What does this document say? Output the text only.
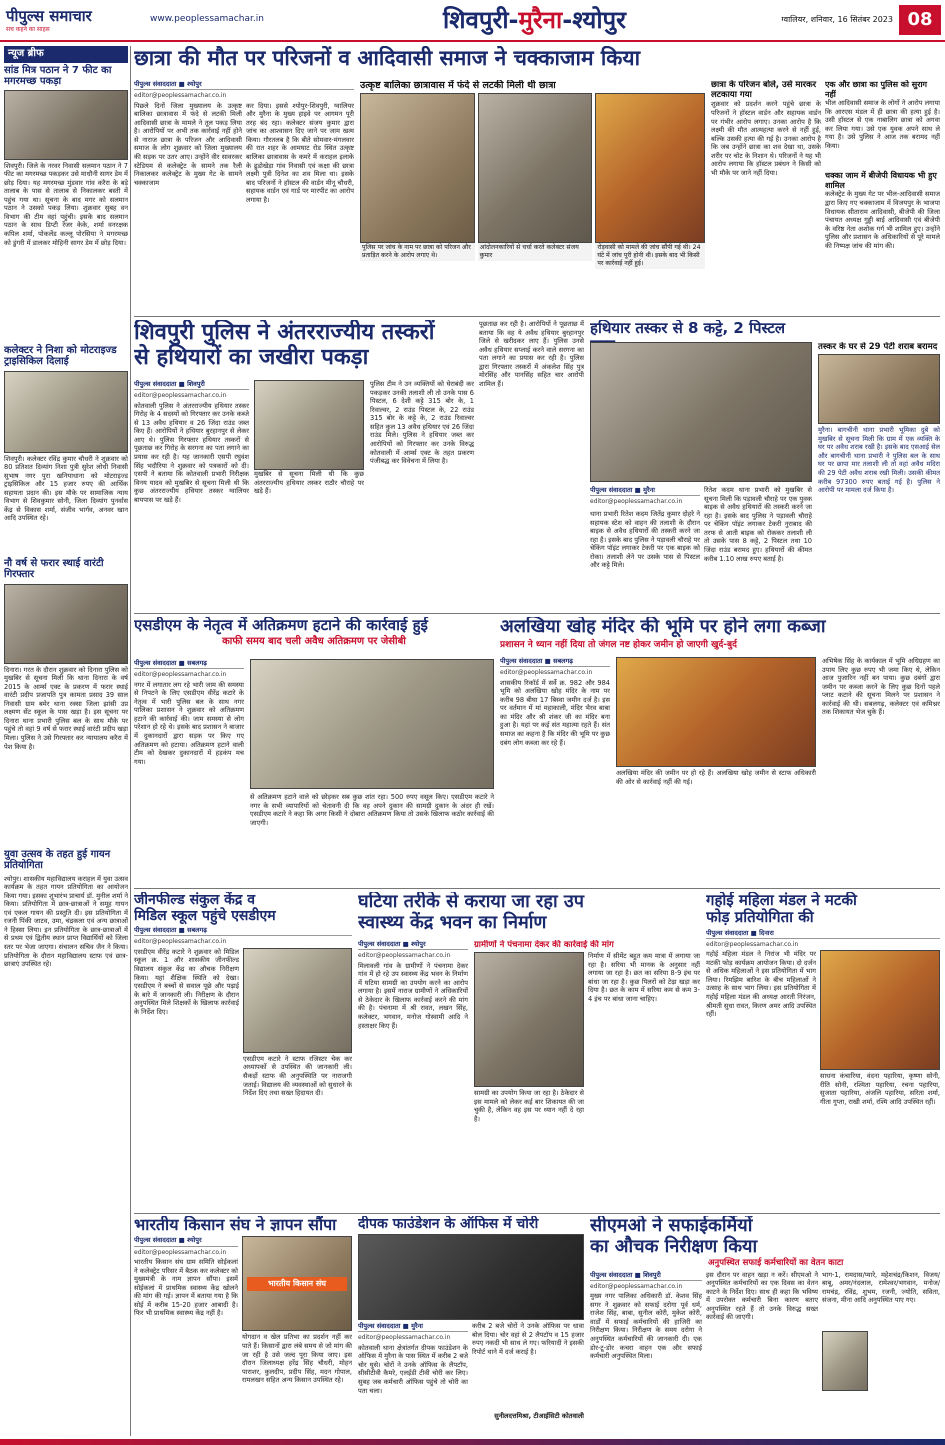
पीपुल्स समाचार
सच कहने का साहस
www.peoplessamachar.in	शिवपुरी-मुरैना-श्योपुर	ग्वालियर, शनिवार, 16 सितंबर 2023 08
न्यूज ब्रीफ
सांड मित्र पठान ने 7 फीट का मगरमच्छ पकड़ा
शिवपुरी। जिले के नरवर निवासी सलमान पठान ने 7 फीट का मगरमच्छ पकड़कर उसे माधौनी सागर डेम में छोड़ दिया। यह मगरमच्छ मुंडवार गांव करैरा के बड़े तालाब के पास से तालाब से निकालकर बस्ती में पहुंच गया था। सूचना के बाद मगर को सलमान पठान ने उसको पकड़ लिया। शुक्रवार सुबह वन विभाग की टीम वहां पहुंची। इसके बाद सलमान पठान के साथ डिप्टी रेंजर केके, शर्मा वनरक्षक कपिल शर्मा, पोकलेंड कल्लू पोरसिया ने मगरमच्छ को डुंगरी में डालकर मोहिनी सागर डेम में छोड़ दिया।
कलेक्टर ने निशा को मोटराइज्ड ट्राइसिकिल दिलाई
शिवपुरी। कलेक्टर रविंद्र कुमार चौधरी ने शुक्रवार को 80 प्रतिशत दिव्यांग निशा पुत्री सुरेश लोधी निवासी सुभाष नगर पुरा खनियाधाना को मोटराइज्ड ट्राइसिकिल और 15 हजार रुपए की आर्थिक सहायता प्रदान की। इस मौके पर सामाजिक न्याय विभाग से शिवकुमार सोनी, जिला दिव्यांग पुनर्वास केंद्र से विकास शर्मा, संजीव भार्गव, अनवर खान आदि उपस्थित रहे।
नौ वर्ष से फरार स्थाई वारंटी गिरफ्तार
दिनारा। गरत के दौरान शुक्रवार को दिनारा पुलिस को मुखबिर से सूचना मिली कि थाना दिनारा के वर्ष 2015 के आर्म्स एक्ट के प्रकरण में फरार स्थाई वारंटी प्रदीप प्रजापति पुत्र कामता प्रसाद 39 साल निवासी ग्राम बमेर थाना रक्सा जिला झांसी उप्र लक्ष्मण सेंट स्कूल के पास खड़ा है। इस सूचना पर दिनारा थाना प्रभारी पुलिस बल के साथ मौके पर पहुंचे तो वहां 9 वर्ष से फरार स्थाई वारंटी प्रदीप खड़ा मिला। पुलिस ने उसे गिरफ्तार कर न्यायालय करैरा में पेश किया है।
युवा उत्सव के तहत हुई गायन प्रतियोगिता
श्योपुर। शासकीय महाविद्यालय कराहल में युवा उत्सव कार्यक्रम के तहत गायन प्रतियोगिता का आयोजन किया गया। इसका शुभारंभ प्राचार्य डॉ. मुनील शर्मा ने किया। प्रतियोगिता में छात्र-छात्राओं ने समूह गायन एवं एकल गायन की प्रस्तुति दी। इस प्रतियोगिता में रजनी पिंकी जाटव, उमा, चंद्रकला एवं अन्य छात्राओं ने हिस्सा लिया। इन प्रतियोगिता के छात्र-छात्राओं में से प्रथम एवं द्वितीय स्थान प्राप्त विद्यार्थियों को जिला स्तर पर भेजा जाएगा। संचालन सचिव जैन ने किया। प्रतियोगिता के दौरान महाविद्यालय स्टाफ एवं छात्र-छात्राएं उपस्थित रहे।
छात्रा की मौत पर परिजनों व आदिवासी समाज ने चक्काजाम किया
पीपुल्स संवाददाता ■ श्योपुर
editor@peoplessamachar.co.in
पिछले दिनों जिला मुख्यालय के उत्कृष्ट बालिका छात्रावास में फंदे से लटकी मिली आदिवासी छात्रा के मामले ने तूल पकड़ लिया है। आरोपियों पर अभी तक कार्रवाई नहीं होने से नाराज छात्रा के परिजन और आदिवासी समाज के लोग शुक्रवार को जिला मुख्यालय की सड़क पर उतर आए। उन्होंने वीर सावरकर स्टेडियम से कलेक्ट्रेट के सामने तक रैली निकालकर कलेक्ट्रेट के मुख्य गेट के सामने चक्काजाम
कर दिया। इससे श्योपुर-शिवपुरी, ग्वालियर और मुरैना के मुख्य हाइवे पर आगमन पूरी तरह बंद रहा। कलेक्टर संजय कुमार द्वारा जांच का आश्वासन दिए जाने पर जाम खत्म किया। गौरतलब है कि बीते सोमवार-मंगलवार की रात शहर के आमघाट रोड स्थित उत्कृष्ट बालिका छात्रावास के कमरे में कराहल इलाके के ढुडोखेड़ा गांव निवासी एवं कक्षा की छात्रा लक्ष्मी पुत्री दिनेश का शव मिला था। इसके बाद परिजनों ने हॉस्टल की वार्डन मीनू चौधरी, सहायक वार्डन एवं गार्ड पर मारपीट का आरोप लगाया है।
उत्कृष्ट बालिका छात्रावास में फंदे से लटकी मिली थी छात्रा
पुलिस पर जांच के नाम पर छात्रा को परिजन और प्रताड़ित करने के आरोप लगाए थे।
आंदोलनकारियों से चर्चा करते कलेक्टर संजय कुमार
रोड़वासी को मामले की जांच सौंपी गई थी। 24 घंटे में जांच पूरी होनी थी। इसके बाद भी किसी पर कार्रवाई नहीं हुई।
छात्रा के परिजन बोले, उसे मारकर लटकाया गया
शुक्रवार को प्रदर्शन करने पहुंचे छात्रा के परिजनों ने हॉस्टल वार्डन और सहायक वार्डन पर गंभीर आरोप लगाए। उनका आरोप है कि लक्ष्मी की मौत आत्महत्या करने से नहीं हुई, बल्कि उसकी हत्या की गई है। उनका आरोप है कि जब उन्होंने छात्रा का शव देखा था, उसके शरीर पर चोट के निशान थे। परिजनों ने यह भी आरोप लगाया कि हॉस्टल प्रबंधन ने किसी को भी मौके पर जाने नहीं दिया।
एक और छात्रा का पुलिस को सुराग नहीं
भील आदिवासी समाज के लोगों ने आरोप लगाया कि आरएस मंडल में ही छात्रा की हत्या हुई है। उसी हॉस्टल से एक नाबालिग छात्रा को अगवा कर लिया गया। उसे एक युवक अपने साथ ले गया है। उसे पुलिस ने आज तक बरामद नहीं किया।
चक्का जाम में बीजेपी विधायक भी हुए शामिल
कलेक्ट्रेट के मुख्य गेट पर भील-आदिवासी समाज द्वारा किए गए चक्काजाम में विजयपुर के भाजपा विधायक सीताराम आदिवासी, बीजेपी की जिला पंचायत अध्यक्ष गुड्डी बाई आदिवासी एवं बीजेपी के वरिष्ठ नेता अशोक गर्ग भी शामिल हुए। उन्होंने पुलिस और प्रशासन के अधिकारियों से पूरे मामले की निष्पक्ष जांच की मांग की।
शिवपुरी पुलिस ने अंतरराज्यीय तस्करों
से हथियारों का जखीरा पकड़ा
पीपुल्स संवाददाता ■ शिवपुरी
editor@peoplessamachar.co.in
कोतवाली पुलिस ने अंतरराज्यीय हथियार तस्कर गिरोह के 4 सदस्यों को गिरफ्तार कर उनके कब्जे से 13 अवैध हथियार व 26 जिंदा राउंड जब्त किए हैं। आरोपियों ने हथियार बुरहानपुर से लेकर आए थे। पुलिस गिरफ्तार हथियार तस्करों से पूछताछ कर गिरोह के सरगना का पता लगाने का प्रयास कर रही है। यह जानकारी एसपी रघुवंश सिंह भदौरिया ने शुक्रवार को पत्रकारों को दी। एसपी ने बताया कि कोतवाली प्रभारी निरीक्षक विनय यादव को मुखबिर से सूचना मिली थी कि कुछ अंतरराज्यीय हथियार तस्कर ग्वालियर बायपास पर खड़े हैं।
मुखबिर से सूचना मिली थी कि कुछ अंतरराज्यीय हथियार तस्कर राठौर चौराहे पर खड़े हैं।
पुलिस टीम ने उन व्यक्तियों को घेराबंदी कर पकड़कर उनकी तलाशी ली तो उनके पास 6 पिस्टल, 6 देशी कट्टे 315 बोर के, 1 रिवाल्वर, 2 राउंड पिस्टल के, 22 राउंड 315 बोर के कट्टे के, 2 राउंड रिवाल्वर सहित कुल 13 अवैध हथियार एवं 26 जिंदा राउंड मिले। पुलिस ने हथियार जब्त कर आरोपियों को गिरफ्तार कर उनके विरुद्ध कोतवाली में आर्म्स एक्ट के तहत प्रकरण पंजीबद्ध कर विवेचना में लिया है।
पूछताछ कर रही है। आरोपियों ने पूछताछ में बताया कि वह ये अवैध हथियार बुरहानपुर जिले से खरीदकर लाए हैं। पुलिस उनसे अवैध हथियार सप्लाई करने वाले सरगना का पता लगाने का प्रयास कर रही है। पुलिस द्वारा गिरफ्तार तस्करों में अंकलेश सिंह पुत्र मोरसिंह और पानसिंह सहित चार आरोपी शामिल हैं।
हथियार तस्कर से 8 कट्टे, 2 पिस्टल
पीपुल्स संवाददाता ■ मुरैना
editor@peoplessamachar.co.in
थाना प्रभारी रितेश कदम जितेंद्र कुमार दोहरे ने सहायक स्टेश को वाहन की तलाशी के दौरान बाइक से अवैध हथियारों की तस्करी करने जा रहा है। इसके बाद पुलिस ने पड़ावली चौराहे पर चेकिंग पॉइंट लगाकर टेकरी पर एक बाइक को रोका। तलाशी लेने पर उसके पास से पिस्टल और कट्टे मिले।
रितेश कदम थाना प्रभारी को मुखबिर से सूचना मिली कि पड़ावली चौराहे पर एक युवक बाइक से अवैध हथियारों की तस्करी करने जा रहा है। इसके बाद पुलिस ने पड़ावली चौराहे पर चेकिंग पॉइंट लगाकर टेकरी नुराबाद की तरफ से आती बाइक को रोककर तलाशी ली तो उसके पास 8 कट्टे, 2 पिस्टल तथा 10 जिंदा राउंड बरामद हुए। हथियारों की कीमत करीब 1.10 लाख रुपए बताई है।
तस्कर के घर से 29 पेटी शराब बरामद
मुरैना। बागचीनी थाना प्रभारी भूमिका दुबे को मुखबिर से सूचना मिली कि ग्राम में एक व्यक्ति के घर पर अवैध शराब रखी है। इसके बाद एसआई सेल और बागचीनी थाना प्रभारी ने पुलिस बल के साथ घर पर छापा मार तलाशी ली तो वहां अवैध मदिरा की 29 पेटी अवैध शराब रखी मिली। उसकी कीमत करीब 97300 रुपए बताई गई है। पुलिस ने आरोपी पर मामला दर्ज किया है।
एसडीएम के नेतृत्व में अतिक्रमण हटाने की कार्रवाई हुई
काफी समय बाद चली अवैध अतिक्रमण पर जेसीबी
पीपुल्स संवाददाता ■ सबलगढ़
editor@peoplessamachar.co.in
नगर में लगातार लग रहे भारी जाम की समस्या से निपटने के लिए एसडीएम वीरेंद्र कटारे के नेतृत्व में भारी पुलिस बल के साथ नगर पालिका प्रशासन ने शुक्रवार को अतिक्रमण हटाने की कार्रवाई की। जाम समस्या से लोग परेशान हो रहे थे। इसके बाद प्रशासन ने बाजार में दुकानदारों द्वारा सड़क पर किए गए अतिक्रमण को हटाया। अतिक्रमण हटाने वाली टीम को देखकर दुकानदारों में हड़कंप मच गया।
से अतिक्रमण हटाने वाले को छोड़कर सब कुछ शांत रहा। 500 रुपए वसूल किए। एसडीएम कटारे ने नगर के सभी व्यापारियों को चेतावनी दी कि वह अपने दुकान की सामग्री दुकान के अंदर ही रखें। एसडीएम कटारे ने कहा कि अगर किसी ने दोबारा अतिक्रमण किया तो उसके खिलाफ कठोर कार्रवाई की जाएगी।
अलखिया खोह मंदिर की भूमि पर होने लगा कब्जा
प्रशासन ने ध्यान नहीं दिया तो जंगल नष्ट होकर जमीन हो जाएगी खुर्द-बुर्द
पीपुल्स संवाददाता ■ सबलगढ़
editor@peoplessamachar.co.in
शासकीय रिकॉर्ड में सर्वे क्र. 982 और 984 भूमि को अलखिया खोह मंदिर के नाम पर करीब 98 बीघा 17 बिस्वा जमीन दर्ज है। इस पर वर्तमान में मां महाकाली, मंदिर भैरव बाबा का मंदिर और श्री शंकर जी का मंदिर बना हुआ है। यहां पर कई संत महात्मा रहते हैं। संत समाज का कहना है कि मंदिर की भूमि पर कुछ दबंग लोग कब्जा कर रहे हैं।
अलखिया मंदिर की जमीन पर हो रहे हैं। अलखिया खोह जमीन से स्टाफ अधिकारी की ओर से कार्रवाई नहीं की गई।
अभिषेक सिंह के कार्यकाल में भूमि अधिग्रहण का उपाय लिए कुछ रुपए भी जमा किए थे, लेकिन आज पुजारिन नहीं बन पाया। कुछ दबंगों द्वारा जमीन पर कब्जा करने के लिए कुछ दिनों पहले प्लाट कटाने की सूचना मिलने पर प्रशासन ने कार्रवाई की थी। सबलगढ़, कलेक्टर एवं कमिश्नर तक शिकायत भेज चुके हैं।
जीनफील्ड संकुल केंद्र व
मिडिल स्कूल पहुंचे एसडीएम
पीपुल्स संवाददाता ■ सबलगढ़
editor@peoplessamachar.co.in
एसडीएम वीरेंद्र कटारे ने शुक्रवार को मिडिल स्कूल क्र. 1 और शासकीय जीनफील्ड विद्यालय संकुल केंद्र का औचक निरीक्षण किया। यहां शैक्षिक स्थिति को देखा। एसडीएम ने बच्चों से सवाल पूछे और पढ़ाई के बारे में जानकारी ली। निरीक्षण के दौरान अनुपस्थित मिले शिक्षकों के खिलाफ कार्रवाई के निर्देश दिए।
एसडीएम कटारे ने स्टाफ रजिस्टर चेक कर अध्यापकों से उपस्थित की जानकारी ली। सैकड़ों स्टाफ की अनुपस्थिति पर नाराजगी जताई। विद्यालय की व्यवस्थाओं को सुधारने के निर्देश दिए तथा सख्त हिदायत दी।
घटिया तरीके से कराया जा रहा उप
स्वास्थ्य केंद्र भवन का निर्माण
पीपुल्स संवाददाता ■ श्योपुर
editor@peoplessamachar.co.in
मिलावली गांव के ग्रामीणों ने पंचनामा देकर गांव में हो रहे उप स्वास्थ्य केंद्र भवन के निर्माण में घटिया सामग्री का उपयोग करने का आरोप लगाया है। इसमें नाराज ग्रामीणों ने अधिकारियों से ठेकेदार के खिलाफ कार्रवाई करने की मांग की है। पंचनामा में श्री रावत, लखन सिंह, कलेक्टर, भगवान, मनोज गोस्वामी आदि ने हस्ताक्षर किए हैं।
ग्रामीणों ने पंचनामा देकर की कार्रवाई की मांग
सामग्री का उपयोग किया जा रहा है। ठेकेदार से इस मामले को लेकर कई बार शिकायत की जा चुकी है, लेकिन वह इस पर ध्यान नहीं दे रहा है।
निर्माण में सीमेंट बहुत कम मात्रा में लगाया जा रहा है। सरिया भी मानक के अनुसार नहीं लगाया जा रहा है। छत का सरिया 8-9 इंच पर बांधा जा रहा है। कुछ पिलरों को टेढ़ा खड़ा कर दिया है। छत के काम में सरिया कम से कम 3-4 इंच पर बांधा जाना चाहिए।
गहोई महिला मंडल ने मटकी
फोड़ प्रतियोगिता की
पीपुल्स संवाददाता ■ दिनारा
editor@peoplessamachar.co.in
गहोई महिला मंडल ने निरांज भी मंदिर पर मटकी फोड़ कार्यक्रम आयोजन किया। दो दर्जन से अधिक महिलाओं ने इस प्रतियोगिता में भाग लिया। रिमझिम बारिश के बीच महिलाओं ने उत्साह के साथ भाग लिया। इस प्रतियोगिता में गहोई महिला मंडल की अध्यक्ष आरती निरंजन, श्रीमती सुधा रावत, किरण अमर आदि उपस्थित रहीं।
साधना कंचारिया, वंदना पहारिया, कृष्णा सोनी, रीति सोनी, रश्मिता पहारिया, रचना पहारिया, सुजाता पहारिया, अंजलि पहारिया, सरिता शर्मा, गीता गुप्ता, राखी शर्मा, रश्मि आदि उपस्थित रहीं।
भारतीय किसान संघ ने ज्ञापन सौंपा
पीपुल्स संवाददाता ■ श्योपुर
editor@peoplessamachar.co.in
भारतीय किसान संघ ग्राम समिति सोईकलां ने कलेक्ट्रेट परिसर में बैठक कर कलेक्टर को मुख्यमंत्री के नाम ज्ञापन सौंपा। इसमें सोईकलां में प्राथमिक स्वास्थ्य केंद्र खोलने की मांग की गई। ज्ञापन में बताया गया है कि सोई में करीब 15-20 हजार आबादी है। फिर भी प्राथमिक स्वास्थ्य केंद्र नहीं है।
भारतीय किसान संघ
योगदान व खेल प्रतिभा का प्रदर्शन नहीं कर पाते हैं। किसानों द्वारा लंबे समय से जो मांग की जा रही है उसे जल्द पूरा किया जाए। इस दौरान जिलाध्यक्ष हरेंद्र सिंह चौधरी, मोहन पाराशर, कुलदीप, प्रदीप सिंह, मदन गोपाल, रामलखन सहित अन्य किसान उपस्थित रहे।
दीपक फाउंडेशन के ऑफिस में चोरी
पीपुल्स संवाददाता ■ मुरैना
editor@peoplessamachar.co.in
कोतवाली थाना क्षेत्रांतर्गत दीपक फाउंडेशन के ऑफिस में मुरैना के पास स्थित में करीब 2 बजे चोर घुसे। चोरों ने उनके ऑफिस के लैपटॉप, सीसीटीवी कैमरे, एलईडी टीवी चोरी कर लिए। सुबह जब कर्मचारी ऑफिस पहुंचे तो चोरी का पता चला।
करीब 2 बजे चोरों ने उनके ऑफिस पर धावा बोल दिया। चोर वहां से 2 लैपटॉप व 15 हजार रुपए नकदी भी साथ ले गए। फरियादी ने इसकी रिपोर्ट थाने में दर्ज कराई है।
सुनीलदत्तमिश्रा, टीआईसिटी कोतवाली
सीएमओ ने सफाईकर्मियों
का औचक निरीक्षण किया
अनुपस्थित सफाई कर्मचारियों का वेतन काटा
पीपुल्स संवाददाता ■ शिवपुरी
editor@peoplessamachar.co.in
मुख्य नगर पालिका अधिकारी डॉ. केशव सिंह सगर ने शुक्रवार को सफाई दरोगा पूर्व धर्म, राजेश सिंह, बाबा, सुनील कोरी, मुकेश कोरी, वार्डों में सफाई कर्मचारियों की हाजिरी का निरीक्षण किया। निरीक्षण के समय दरोगा ने अनुपस्थित कर्मचारियों की जानकारी दी। एक डोर-टू-डोर कचरा वाहन एक और सफाई कर्मचारी अनुपस्थित मिला।
इस दौरान पर वाहन खड़ा न करें। सीएमओ ने अनुपस्थित कर्मचारियों का एक दिवस का वेतन काटने के निर्देश दिए। साथ ही कहा कि भविष्य में उपरोक्त कर्मचारी बिना कारण बताए अनुपस्थित रहते हैं तो उनके विरुद्ध सख्त कार्रवाई की जाएगी।
भाग-1, रामदास/प्यारे, महेशचंद्र/किशन, विजय/बाबू, अमर/नंदलाल, रामेश्वर/भगवान, मनोज/रामचंद्र, रविंद्र, शुभम, रजनी, ज्योति, सविता, संजना, मीना आदि अनुपस्थित पाए गए।
